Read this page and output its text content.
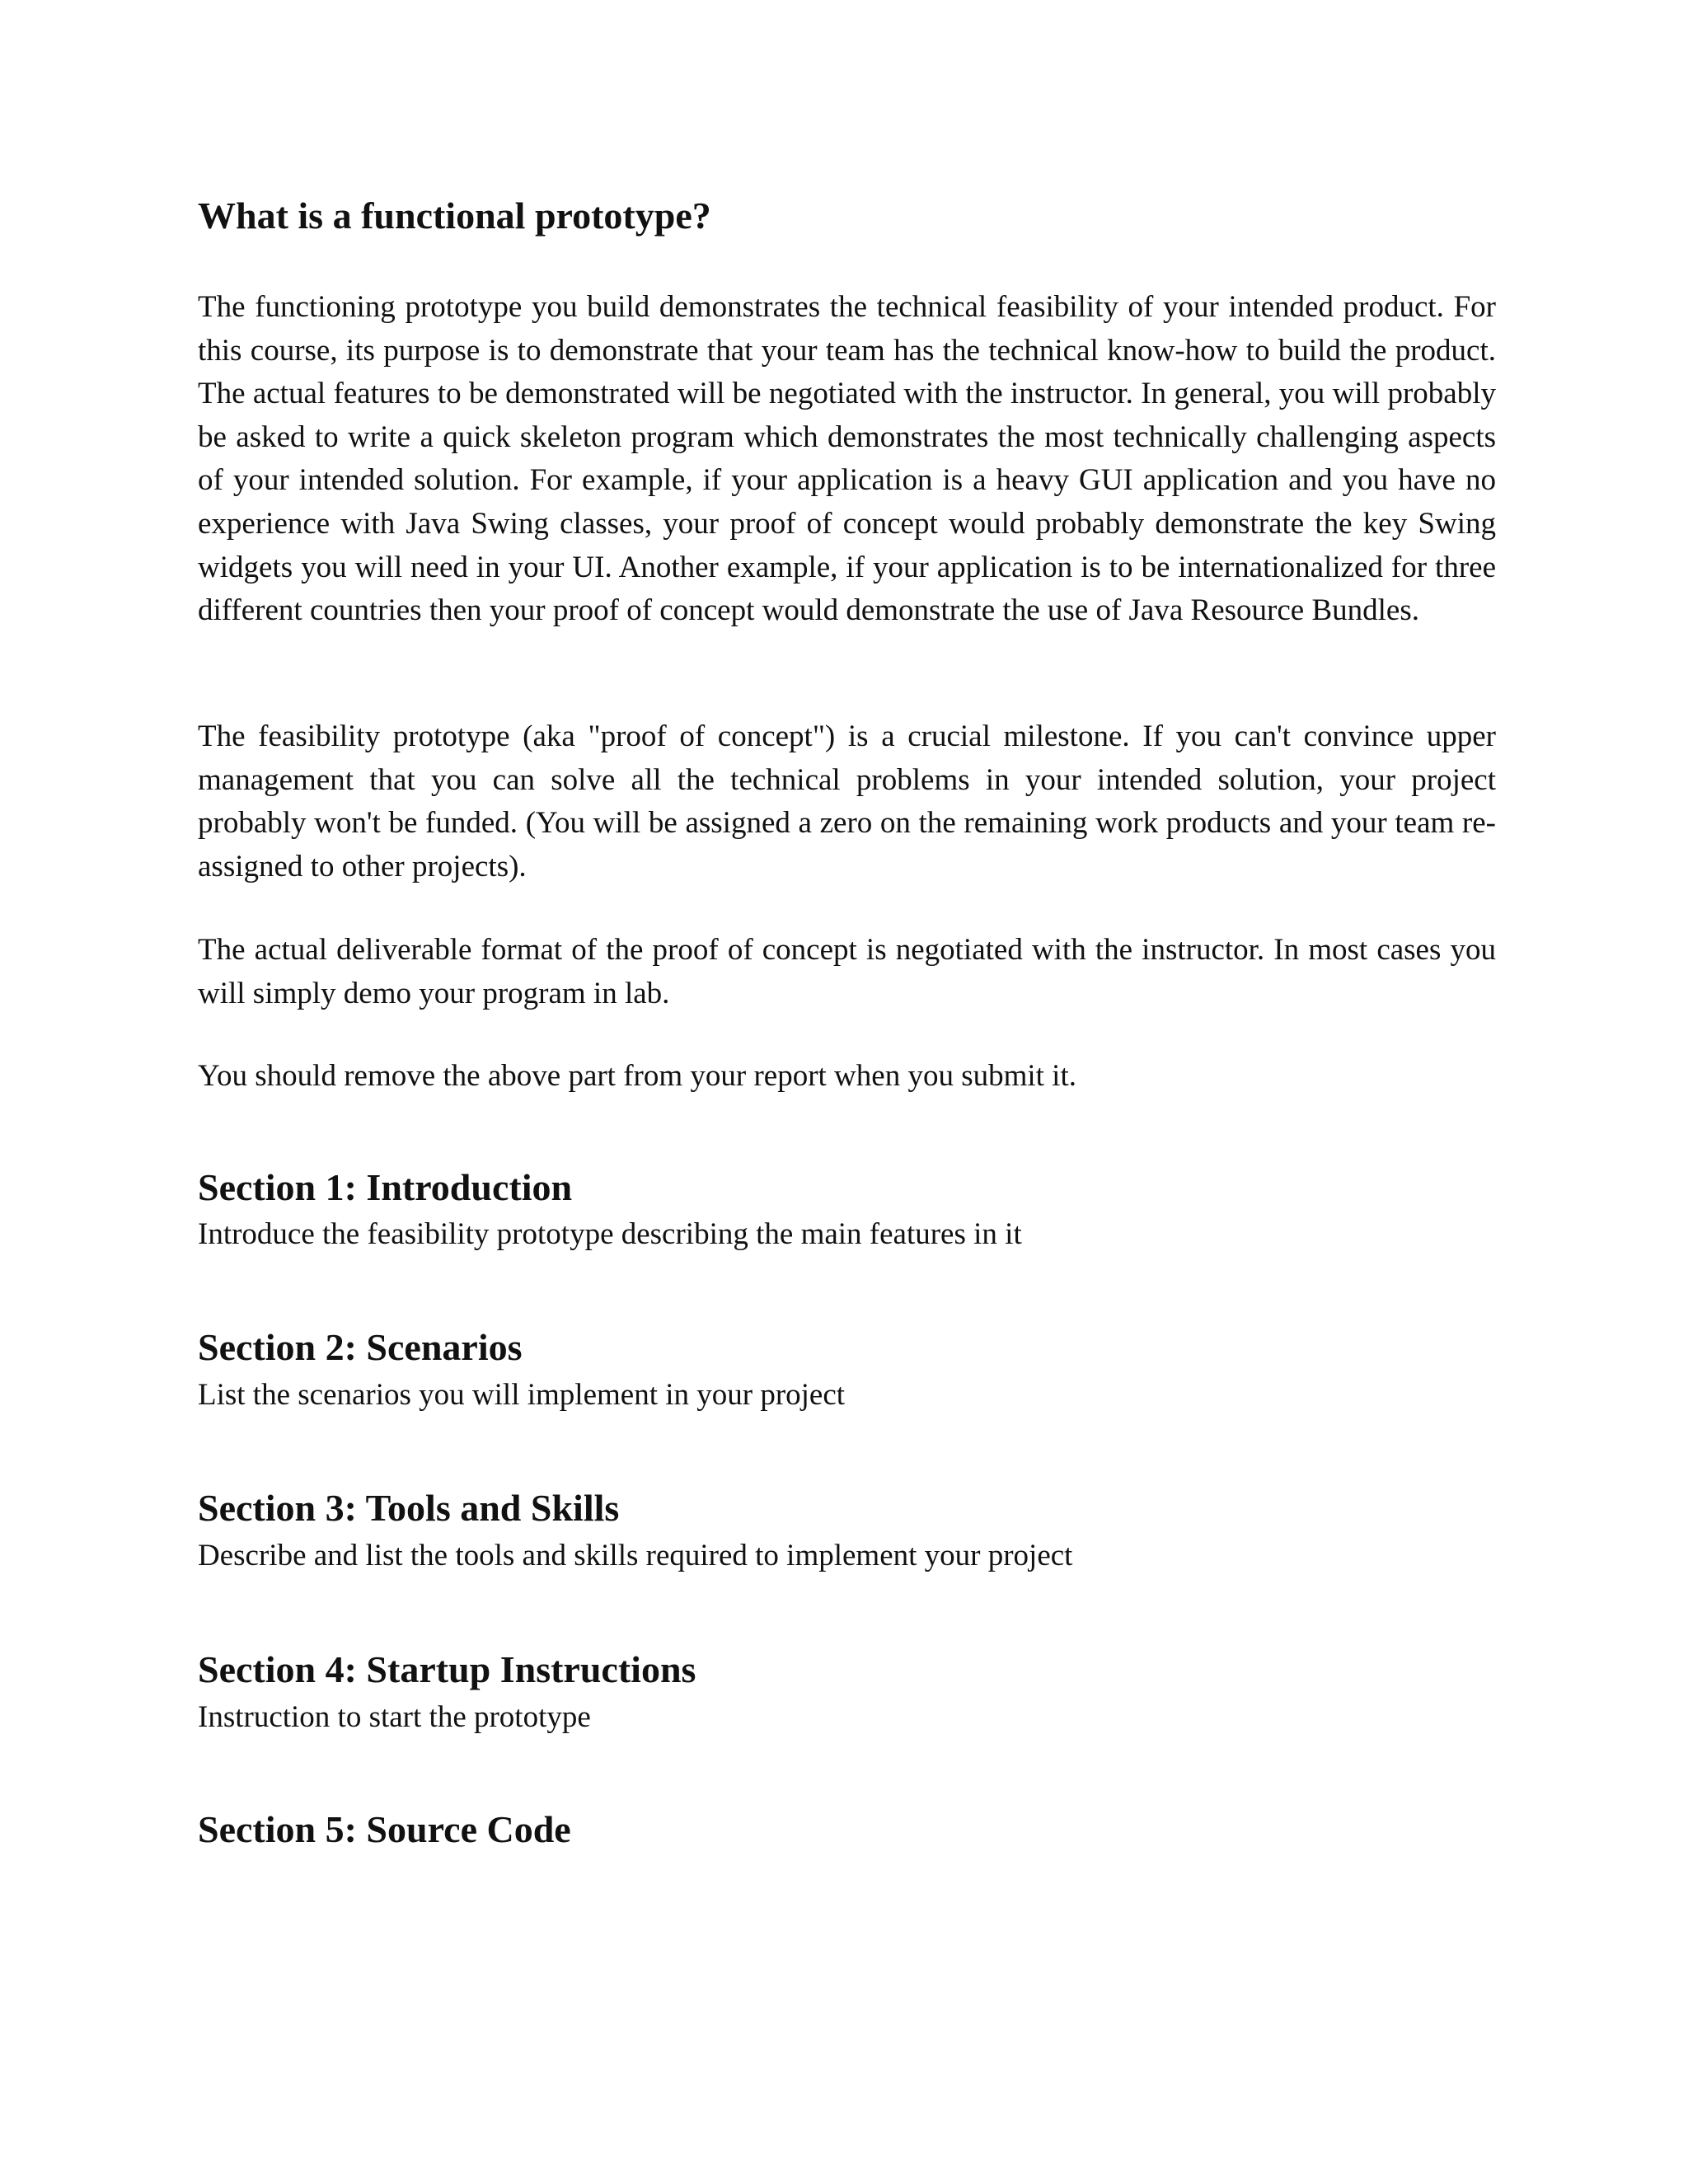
What is a functional prototype?

The functioning prototype you build demonstrates the technical feasibility of your intended product. For this course, its purpose is to demonstrate that your team has the technical know-how to build the product. The actual features to be demonstrated will be negotiated with the instructor. In general, you will probably be asked to write a quick skeleton program which demonstrates the most technically challenging aspects of your intended solution. For example, if your application is a heavy GUI application and you have no experience with Java Swing classes, your proof of concept would probably demonstrate the key Swing widgets you will need in your UI. Another example, if your application is to be internationalized for three different countries then your proof of concept would demonstrate the use of Java Resource Bundles.

The feasibility prototype (aka "proof of concept") is a crucial milestone. If you can't convince upper management that you can solve all the technical problems in your intended solution, your project probably won't be funded. (You will be assigned a zero on the remaining work products and your team re-assigned to other projects).

The actual deliverable format of the proof of concept is negotiated with the instructor. In most cases you will simply demo your program in lab.

You should remove the above part from your report when you submit it.

Section 1: Introduction

Introduce the feasibility prototype describing the main features in it

Section 2: Scenarios

List the scenarios you will implement in your project

Section 3: Tools and Skills

Describe and list the tools and skills required to implement your project

Section 4: Startup Instructions

Instruction to start the prototype

Section 5: Source Code
